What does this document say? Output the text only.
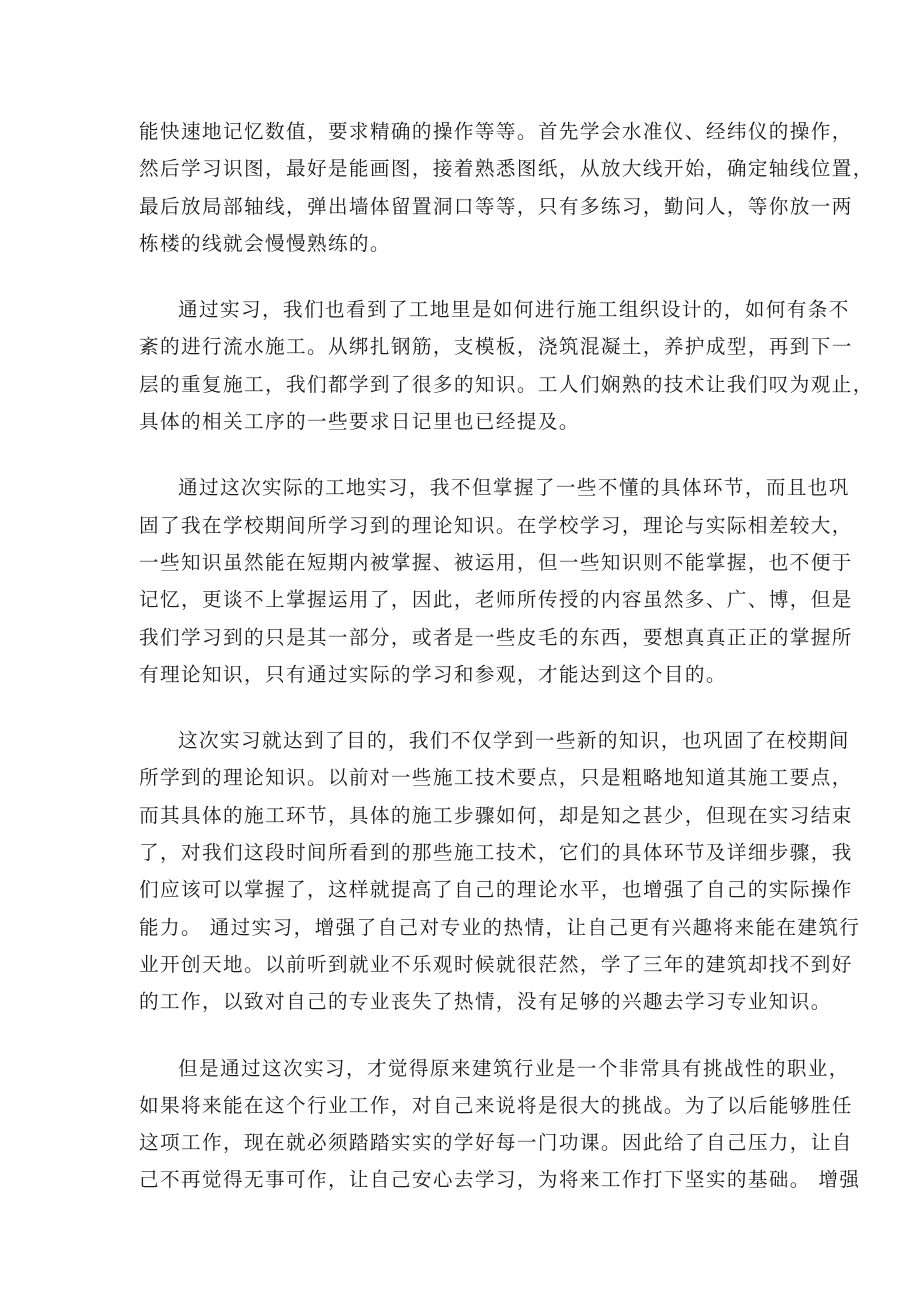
能快速地记忆数值，要求精确的操作等等。首先学会水准仪、经纬仪的操作，
然后学习识图，最好是能画图，接着熟悉图纸，从放大线开始，确定轴线位置，
最后放局部轴线，弹出墙体留置洞口等等，只有多练习，勤问人，等你放一两
栋楼的线就会慢慢熟练的。

通过实习，我们也看到了工地里是如何进行施工组织设计的，如何有条不
紊的进行流水施工。从绑扎钢筋，支模板，浇筑混凝土，养护成型，再到下一
层的重复施工，我们都学到了很多的知识。工人们娴熟的技术让我们叹为观止，
具体的相关工序的一些要求日记里也已经提及。

通过这次实际的工地实习，我不但掌握了一些不懂的具体环节，而且也巩
固了我在学校期间所学习到的理论知识。在学校学习，理论与实际相差较大，
一些知识虽然能在短期内被掌握、被运用，但一些知识则不能掌握，也不便于
记忆，更谈不上掌握运用了，因此，老师所传授的内容虽然多、广、博，但是
我们学习到的只是其一部分，或者是一些皮毛的东西，要想真真正正的掌握所
有理论知识，只有通过实际的学习和参观，才能达到这个目的。

这次实习就达到了目的，我们不仅学到一些新的知识，也巩固了在校期间
所学到的理论知识。以前对一些施工技术要点，只是粗略地知道其施工要点，
而其具体的施工环节，具体的施工步骤如何，却是知之甚少，但现在实习结束
了，对我们这段时间所看到的那些施工技术，它们的具体环节及详细步骤，我
们应该可以掌握了，这样就提高了自己的理论水平，也增强了自己的实际操作
能力。 通过实习，增强了自己对专业的热情，让自己更有兴趣将来能在建筑行
业开创天地。以前听到就业不乐观时候就很茫然，学了三年的建筑却找不到好
的工作，以致对自己的专业丧失了热情，没有足够的兴趣去学习专业知识。

但是通过这次实习，才觉得原来建筑行业是一个非常具有挑战性的职业，
如果将来能在这个行业工作，对自己来说将是很大的挑战。为了以后能够胜任
这项工作，现在就必须踏踏实实的学好每一门功课。因此给了自己压力，让自
己不再觉得无事可作，让自己安心去学习，为将来工作打下坚实的基础。 增强
